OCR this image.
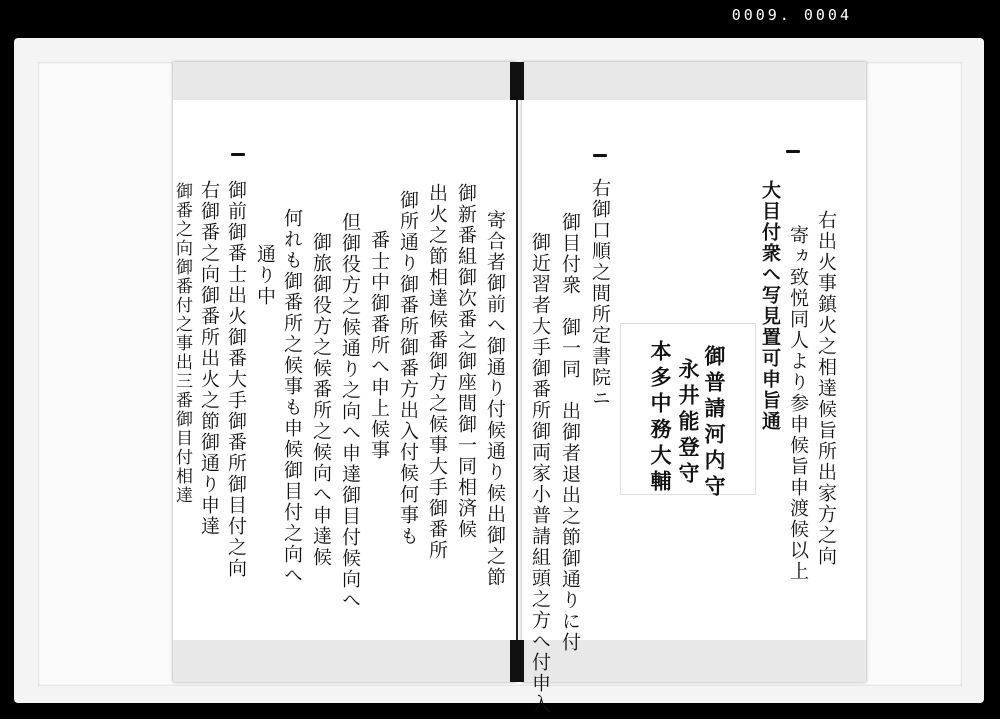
0009. 0004
右出火事鎮火之相達候旨所出家方之向
寄ヵ致悦同人より参申候旨申渡候以上
大目付衆へ写見置可申旨通
御普請河内守
永井能登守
本多中務大輔
右御口順之間所定書院ニ
御目付衆　御一同　出御者退出之節御通りに付
御近習者大手御番所御両家小普請組頭之方へ付申入
寄合者御前へ御通り付候通り候出御之節
御新番組御次番之御座間御一同相済候
出火之節相達候番御方之候事大手御番所
御所通り御番所御番方出入付候何事も
番士中御番所へ申上候事
但御役方之候通り之向へ申達御目付候向へ
御旅御役方之候番所之候向へ申達候
何れも御番所之候事も申候御目付之向へ
通り中
御前御番士出火御番大手御番所御目付之向
右御番之向御番所出火之節御通り申達
御番之向御番付之事出三番御目付相達
